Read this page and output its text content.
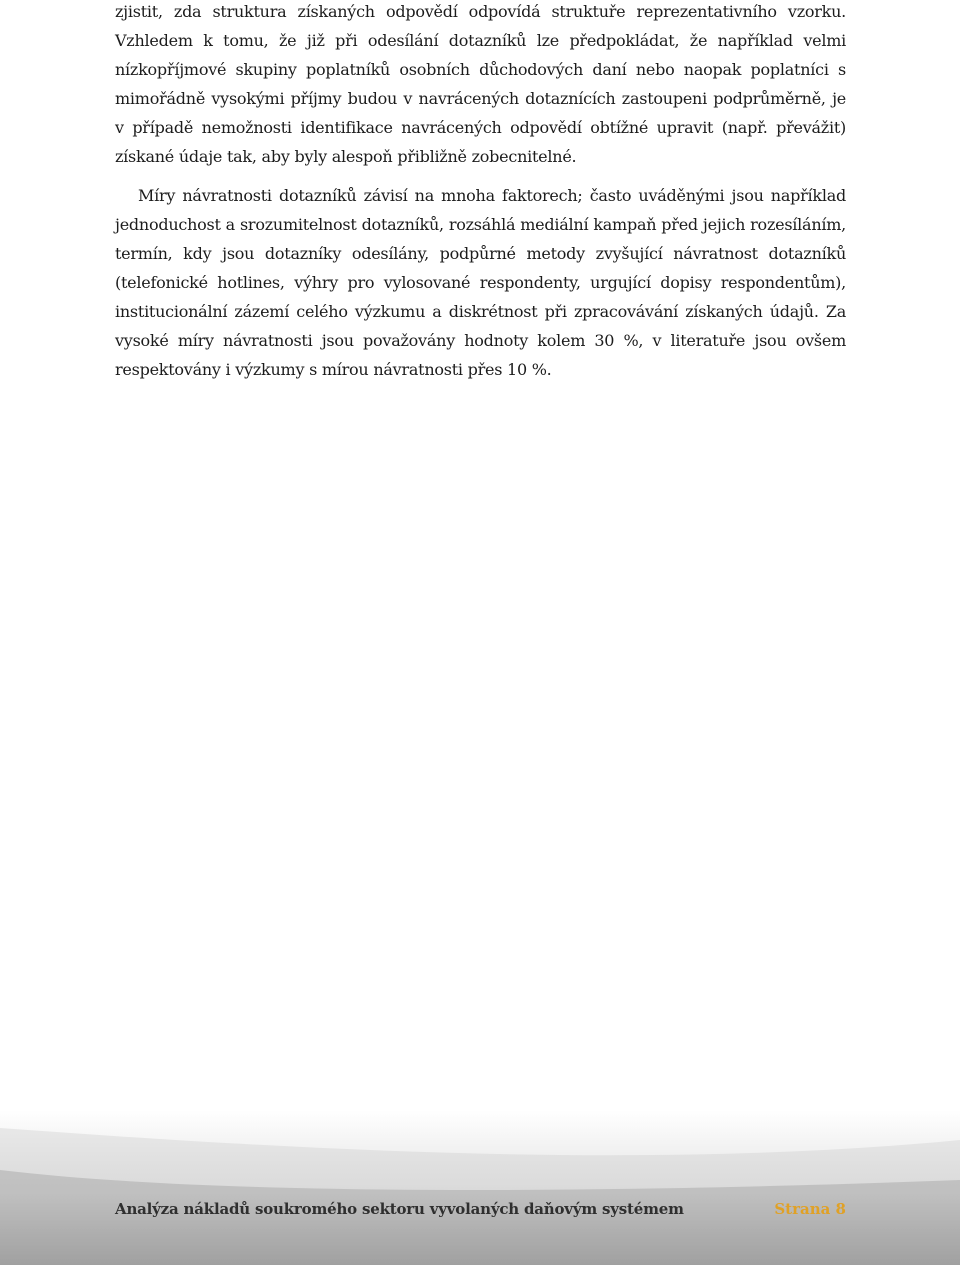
zjistit, zda struktura získaných odpovědí odpovídá struktuře reprezentativního vzorku. Vzhledem k tomu, že již při odesílání dotazníků lze předpokládat, že například velmi nízkopříjmové skupiny poplatníků osobních důchodových daní nebo naopak poplatníci s mimořádně vysokými příjmy budou v navrácených dotaznících zastoupeni podprůměrně, je v případě nemožnosti identifikace navrácených odpovědí obtížné upravit (např. převážit) získané údaje tak, aby byly alespoň přibližně zobecnitelné.

Míry návratnosti dotazníků závisí na mnoha faktorech; často uváděnými jsou například jednoduchost a srozumitelnost dotazníků, rozsáhlá mediální kampaň před jejich rozesíláním, termín, kdy jsou dotazníky odesílány, podpůrné metody zvyšující návratnost dotazníků (telefonické hotlines, výhry pro vylosované respondenty, urgující dopisy respondentům), institucionální zázemí celého výzkumu a diskrétnost při zpracovávání získaných údajů. Za vysoké míry návratnosti jsou považovány hodnoty kolem 30 %, v literatuře jsou ovšem respektovány i výzkumy s mírou návratnosti přes 10 %.

Analýza nákladů soukromého sektoru vyvolaných daňovým systémem	Strana 8
